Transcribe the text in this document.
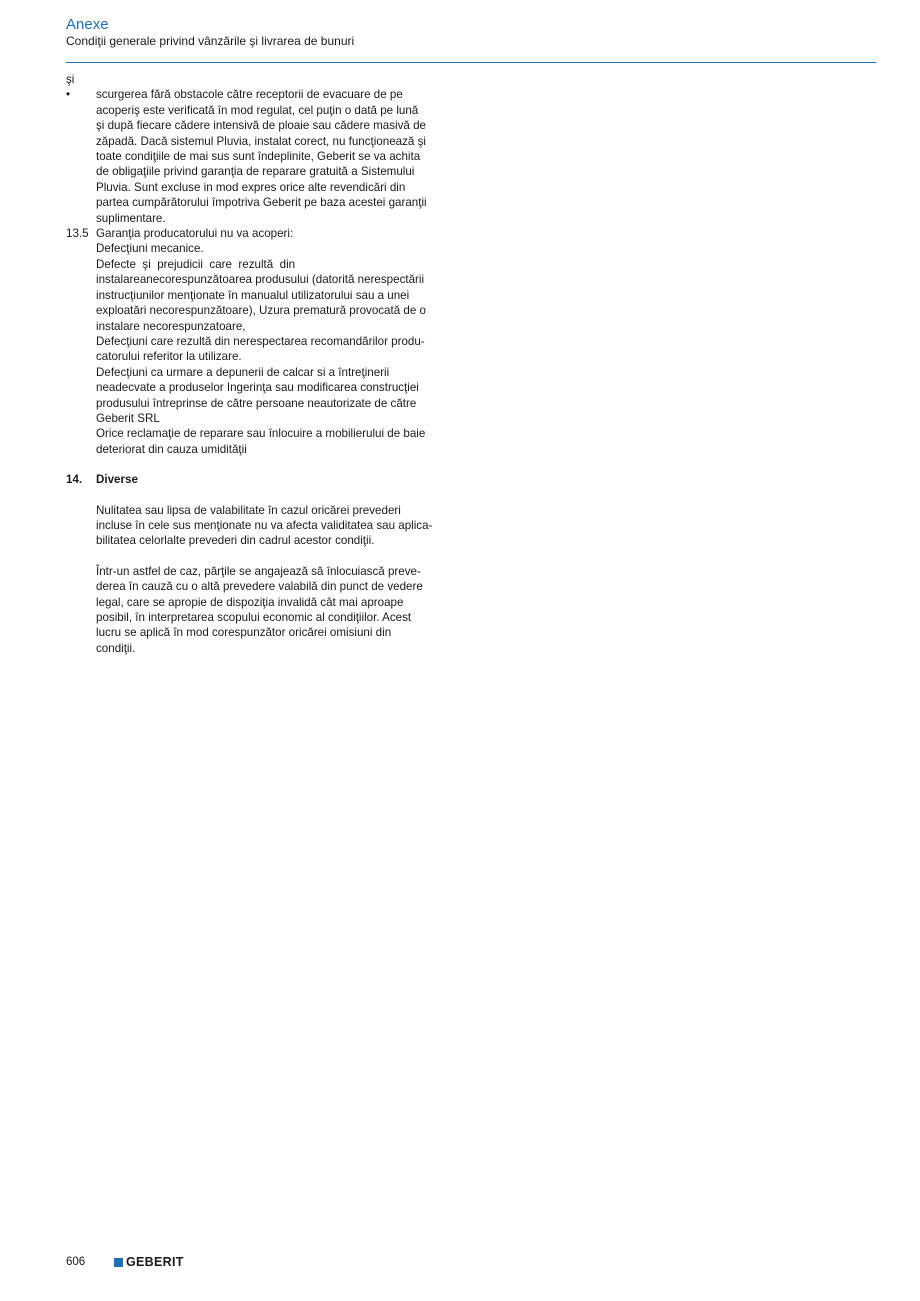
Anexe

Condiţii generale privind vânzările şi livrarea de bunuri

şi
• scurgerea fără obstacole către receptorii de evacuare de pe
acoperiş este verificată în mod regulat, cel puţin o dată pe lună
şi după fiecare cădere intensivă de ploaie sau cădere masivă de
zăpadă. Dacă sistemul Pluvia, instalat corect, nu funcţionează şi
toate condiţiile de mai sus sunt îndeplinite, Geberit se va achita
de obligaţiile privind garanţia de reparare gratuită a Sistemului
Pluvia. Sunt excluse in mod expres orice alte revendicări din
partea cumpărătorului împotriva Geberit pe baza acestei garanţii
suplimentare.
13.5 Garanţia producatorului nu va acoperi:
Defecţiuni mecanice.
Defecte  şi  prejudicii  care  rezultă  din
instalareanecorespunzătoarea produsului (datorită nerespectării
instrucţiunilor menţionate în manualul utilizatorului sau a unei
exploatări necorespunzătoare), Uzura prematură provocată de o
instalare necorespunzatoare,
Defecţiuni care rezultă din nerespectarea recomandărilor produ-
catorului referitor la utilizare.
Defecţiuni ca urmare a depunerii de calcar si a întreţinerii
neadecvate a produselor Ingerinţa sau modificarea construcţiei
produsului întreprinse de către persoane neautorizate de către
Geberit SRL
Orice reclamaţie de reparare sau înlocuire a mobilierului de baie
deteriorat din cauza umidităţii
14. Diverse
Nulitatea sau lipsa de valabilitate în cazul oricărei prevederi
incluse în cele sus menţionate nu va afecta validitatea sau aplica-
bilitatea celorlalte prevederi din cadrul acestor condiţii.
Într-un astfel de caz, părţile se angajează să înlocuiască preve-
derea în cauză cu o altă prevedere valabilă din punct de vedere
legal, care se apropie de dispoziţia invalidă cât mai aproape
posibil, în interpretarea scopului economic al condiţiilor. Acest
lucru se aplică în mod corespunzător oricărei omisiuni din
condiţii.
606	GEBERIT
